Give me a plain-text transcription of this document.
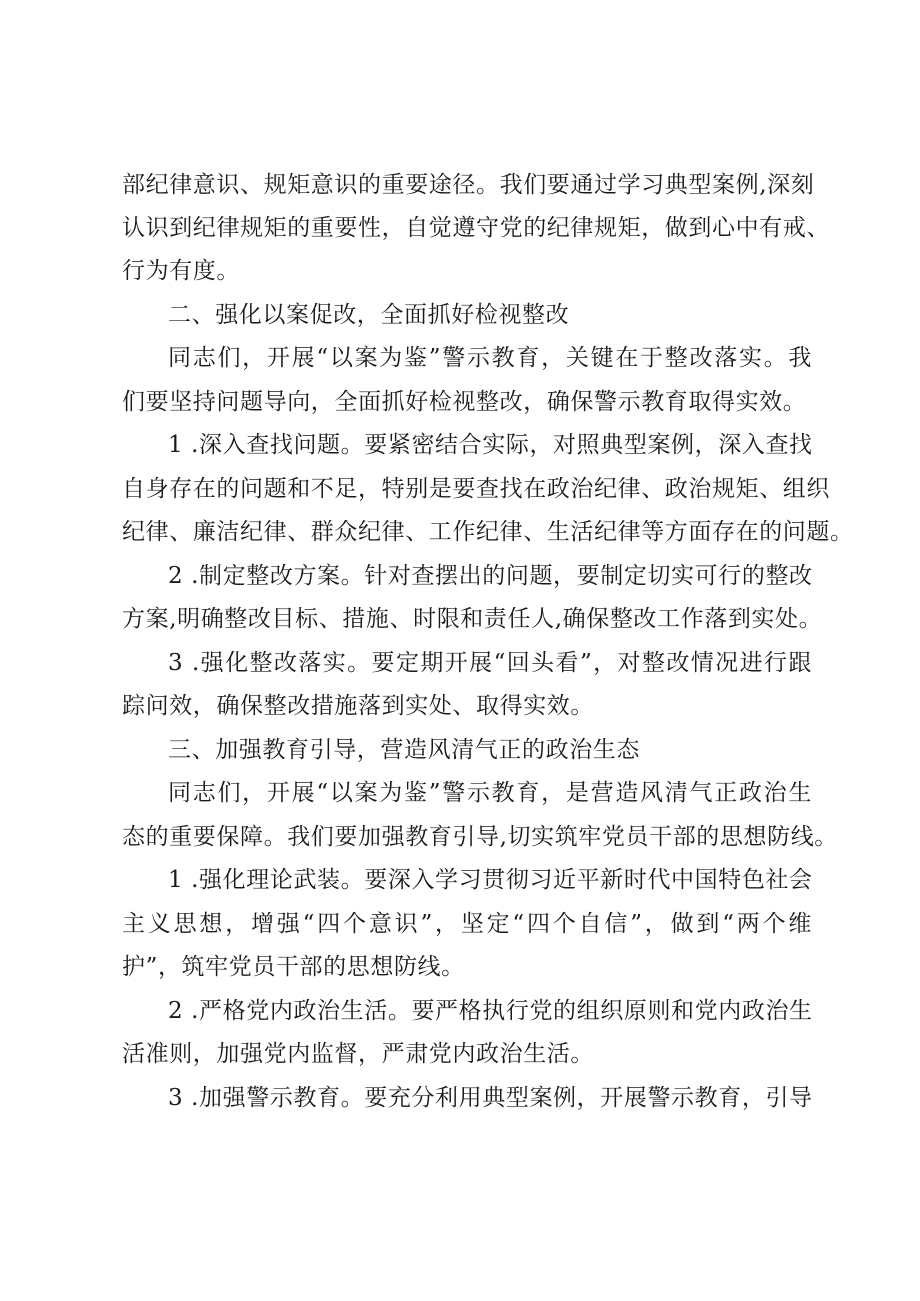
部纪律意识、规矩意识的重要途径。我们要通过学习典型案例,深刻
认识到纪律规矩的重要性，自觉遵守党的纪律规矩，做到心中有戒、
行为有度。
二、强化以案促改，全面抓好检视整改
同志们，开展“以案为鉴”警示教育，关键在于整改落实。我
们要坚持问题导向，全面抓好检视整改，确保警示教育取得实效。
1 .深入查找问题。要紧密结合实际，对照典型案例，深入查找
自身存在的问题和不足，特别是要查找在政治纪律、政治规矩、组织
纪律、廉洁纪律、群众纪律、工作纪律、生活纪律等方面存在的问题。
2 .制定整改方案。针对查摆出的问题，要制定切实可行的整改
方案,明确整改目标、措施、时限和责任人,确保整改工作落到实处。
3 .强化整改落实。要定期开展“回头看”，对整改情况进行跟
踪问效，确保整改措施落到实处、取得实效。
三、加强教育引导，营造风清气正的政治生态
同志们，开展“以案为鉴”警示教育，是营造风清气正政治生
态的重要保障。我们要加强教育引导,切实筑牢党员干部的思想防线。
1 .强化理论武装。要深入学习贯彻习近平新时代中国特色社会
主义思想，增强“四个意识”，坚定“四个自信”，做到“两个维
护”，筑牢党员干部的思想防线。
2 .严格党内政治生活。要严格执行党的组织原则和党内政治生
活准则，加强党内监督，严肃党内政治生活。
3 .加强警示教育。要充分利用典型案例，开展警示教育，引导
